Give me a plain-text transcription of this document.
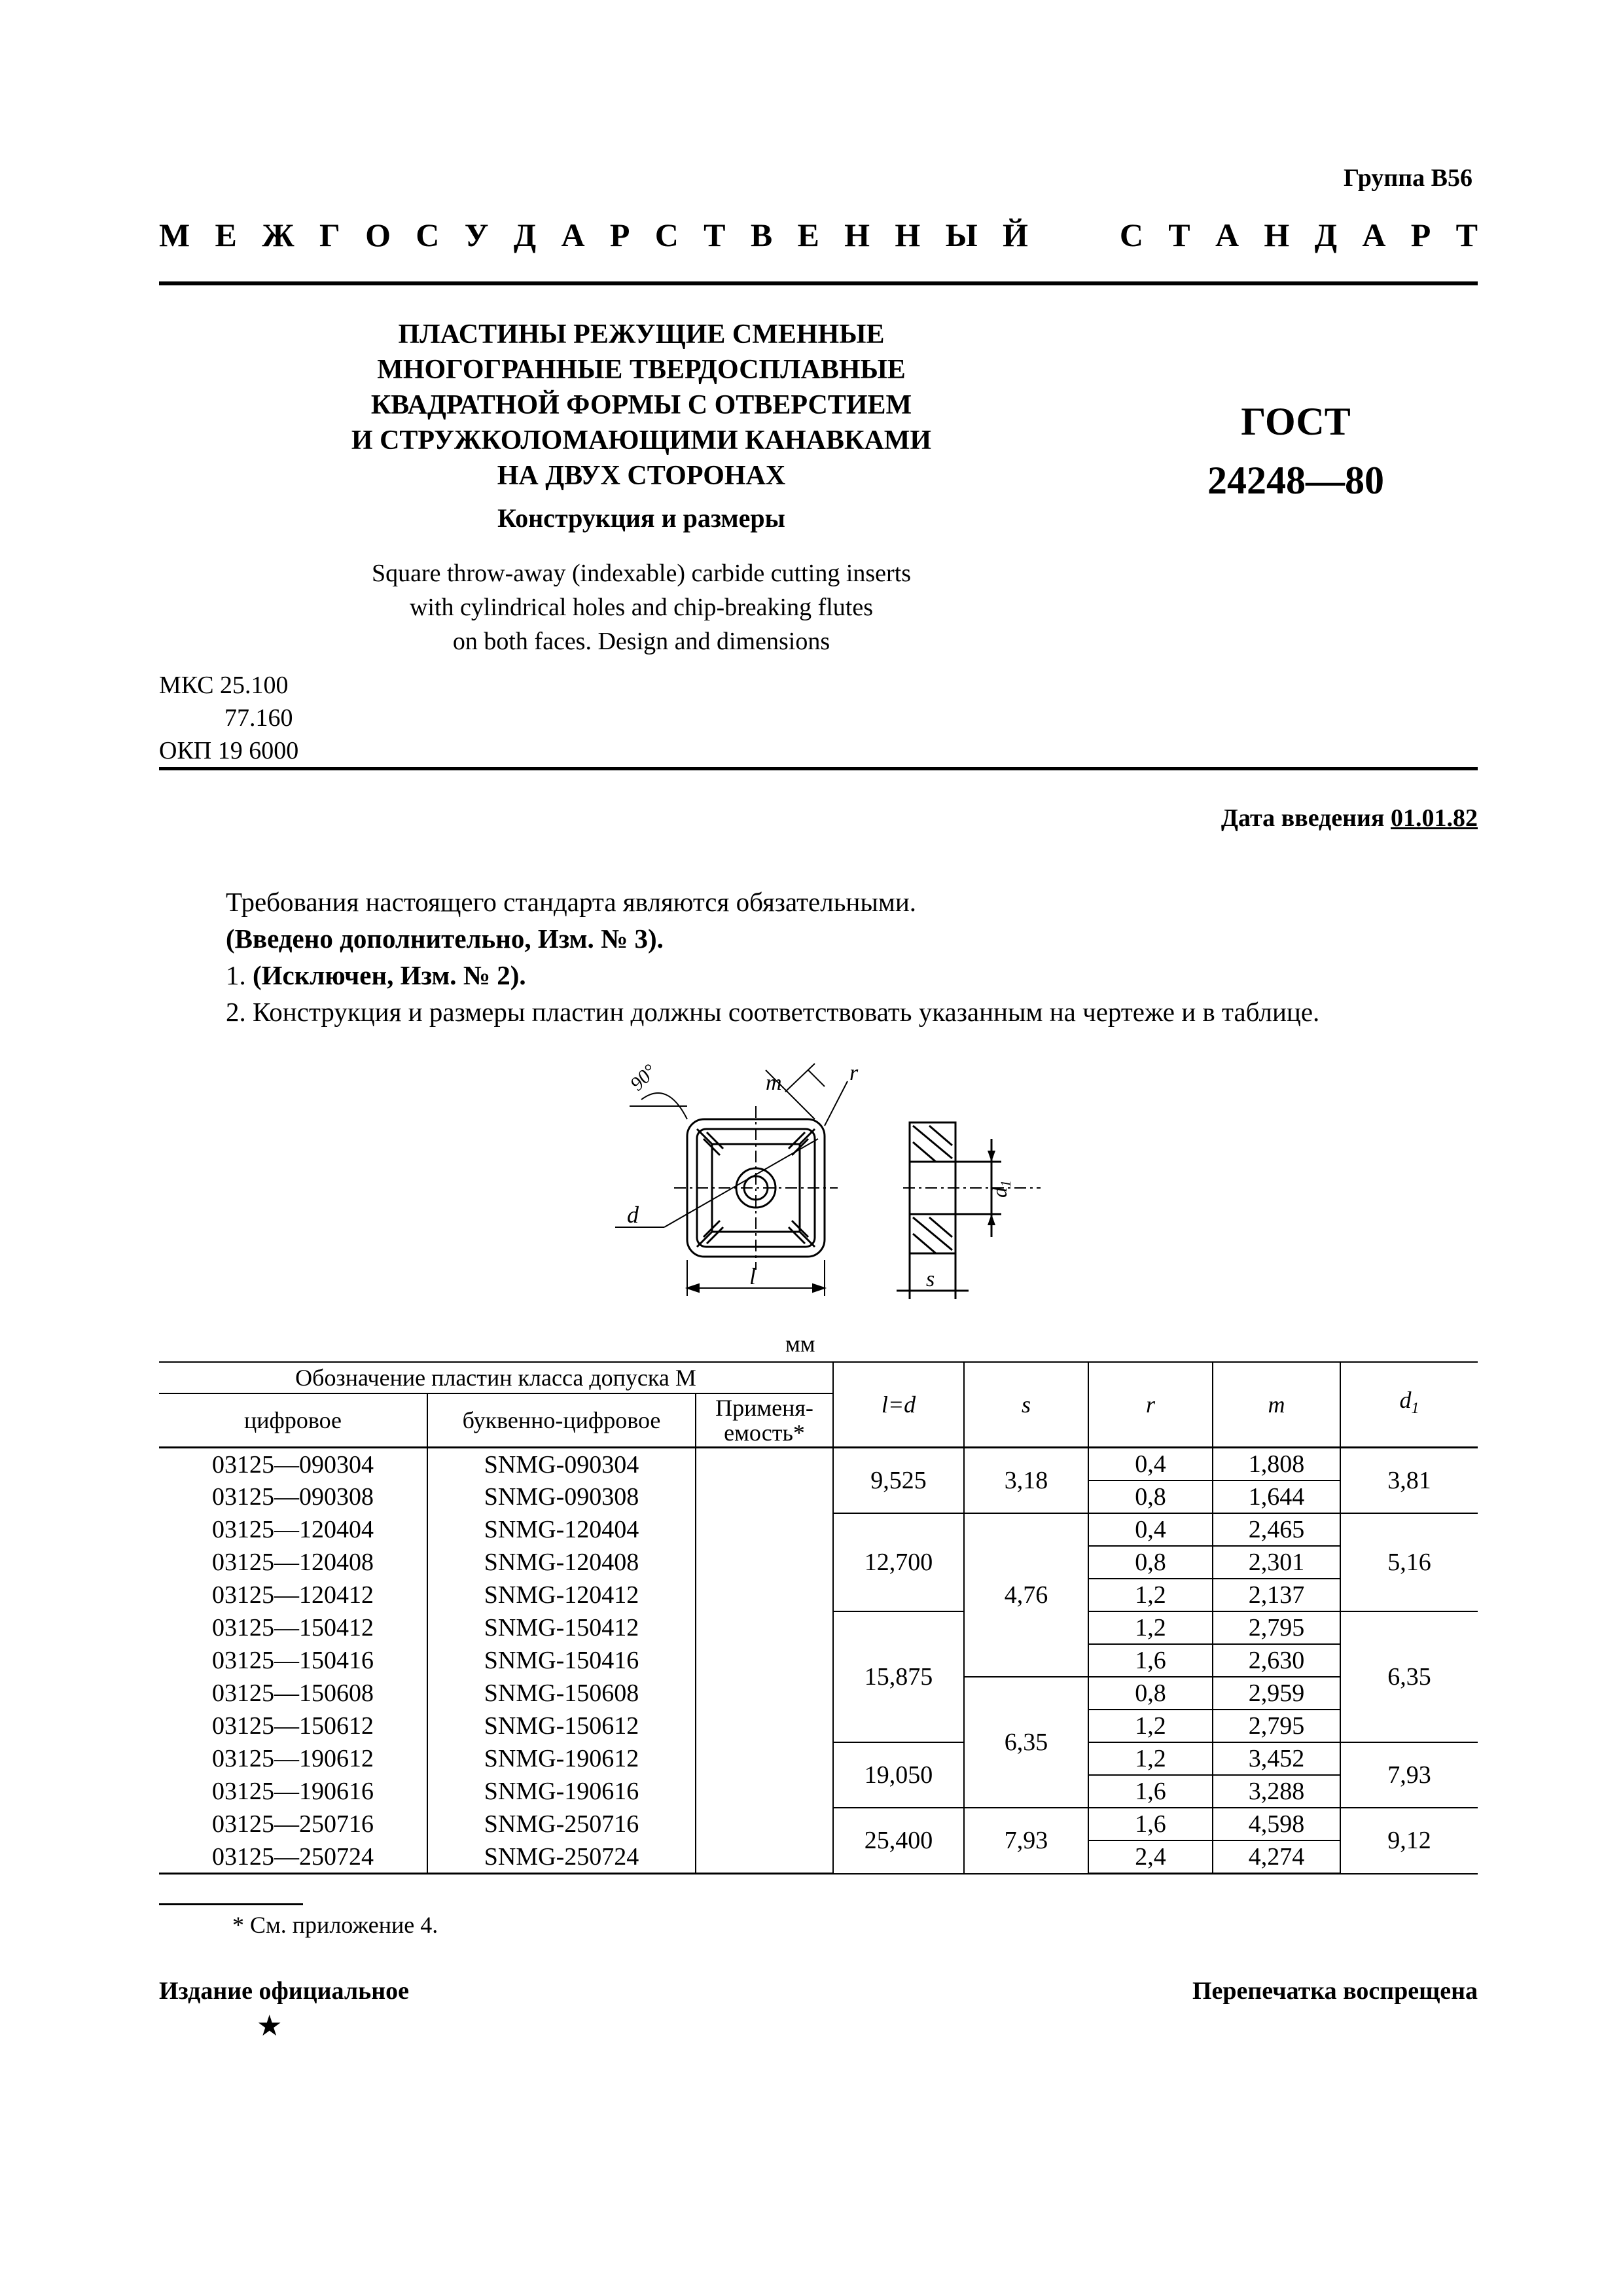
Группа В56
М Е Ж Г О С У Д А Р С Т В Е Н Н Ы Й

	С Т А Н Д А Р Т
ПЛАСТИНЫ РЕЖУЩИЕ СМЕННЫЕ
МНОГОГРАННЫЕ ТВЕРДОСПЛАВНЫЕ
КВАДРАТНОЙ ФОРМЫ С ОТВЕРСТИЕМ
И СТРУЖКОЛОМАЮЩИМИ КАНАВКАМИ
НА ДВУХ СТОРОНАХ
Конструкция и размеры
Square throw-away (indexable) carbide cutting inserts
with cylindrical holes and chip-breaking flutes
on both faces. Design and dimensions
ГОСТ
24248—80
МКС 25.100
77.160
ОКП 19 6000
Дата введения 01.01.82
Требования настоящего стандарта являются обязательными.
(Введено дополнительно, Изм. № 3).
1. (Исключен, Изм. № 2).
2. Конструкция и размеры пластин должны соответствовать указанным на чертеже и в таблице.
90°	m	r
d
l
d1
s
мм
Обозначение пластин класса допуска М			l=d	s	r	m	$d_1$
цифровое	буквенно-цифровое	Применя-
емость*					

03125—090304	SNMG-090304		9,525	3,18	0,4	1,808	3,81
03125—090308	SNMG-090308				0,8	1,644	
03125—120404	SNMG-120404		12,700	4,76	0,4	2,465	5,16
03125—120408	SNMG-120408				0,8	2,301	
03125—120412	SNMG-120412				1,2	2,137	
03125—150412	SNMG-150412		15,875		1,2	2,795	6,35
03125—150416	SNMG-150416				1,6	2,630	
03125—150608	SNMG-150608			6,35	0,8	2,959	
03125—150612	SNMG-150612				1,2	2,795	
03125—190612	SNMG-190612		19,050		1,2	3,452	7,93
03125—190616	SNMG-190616				1,6	3,288	
03125—250716	SNMG-250716		25,400	7,93	1,6	4,598	9,12
03125—250724	SNMG-250724				2,4	4,274	
* См. приложение 4.
Издание официальное
★
Перепечатка воспрещена
